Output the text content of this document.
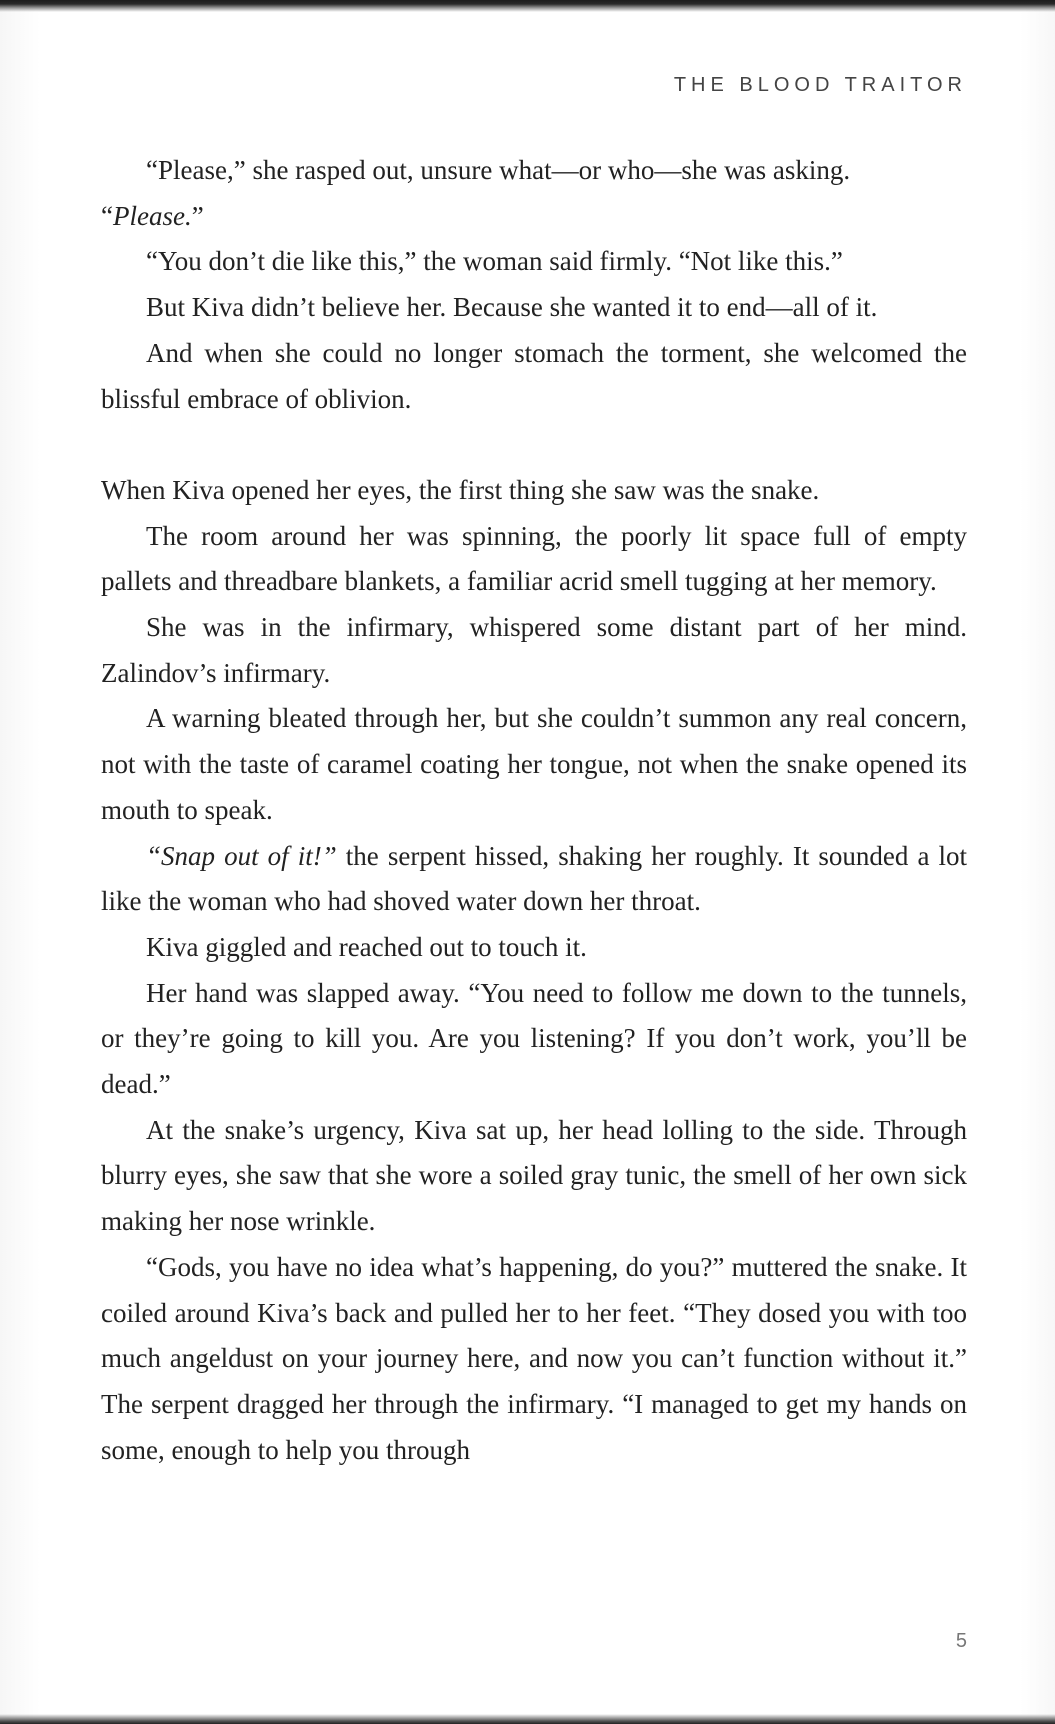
THE BLOOD TRAITOR

“Please,” she rasped out, unsure what—or who—she was asking.

“Please.”

“You don’t die like this,” the woman said firmly. “Not like this.”

But Kiva didn’t believe her. Because she wanted it to end—all of it.

And when she could no longer stomach the torment, she welcomed the blissful embrace of oblivion.

When Kiva opened her eyes, the first thing she saw was the snake.

The room around her was spinning, the poorly lit space full of empty pallets and threadbare blankets, a familiar acrid smell tugging at her memory.

She was in the infirmary, whispered some distant part of her mind. Zalindov’s infirmary.

A warning bleated through her, but she couldn’t summon any real concern, not with the taste of caramel coating her tongue, not when the snake opened its mouth to speak.

“Snap out of it!” the serpent hissed, shaking her roughly. It sounded a lot like the woman who had shoved water down her throat.

Kiva giggled and reached out to touch it.

Her hand was slapped away. “You need to follow me down to the tunnels, or they’re going to kill you. Are you listening? If you don’t work, you’ll be dead.”

At the snake’s urgency, Kiva sat up, her head lolling to the side. Through blurry eyes, she saw that she wore a soiled gray tunic, the smell of her own sick making her nose wrinkle.

“Gods, you have no idea what’s happening, do you?” muttered the snake. It coiled around Kiva’s back and pulled her to her feet. “They dosed you with too much angeldust on your journey here, and now you can’t function without it.” The serpent dragged her through the infirmary. “I managed to get my hands on some, enough to help you through

5
